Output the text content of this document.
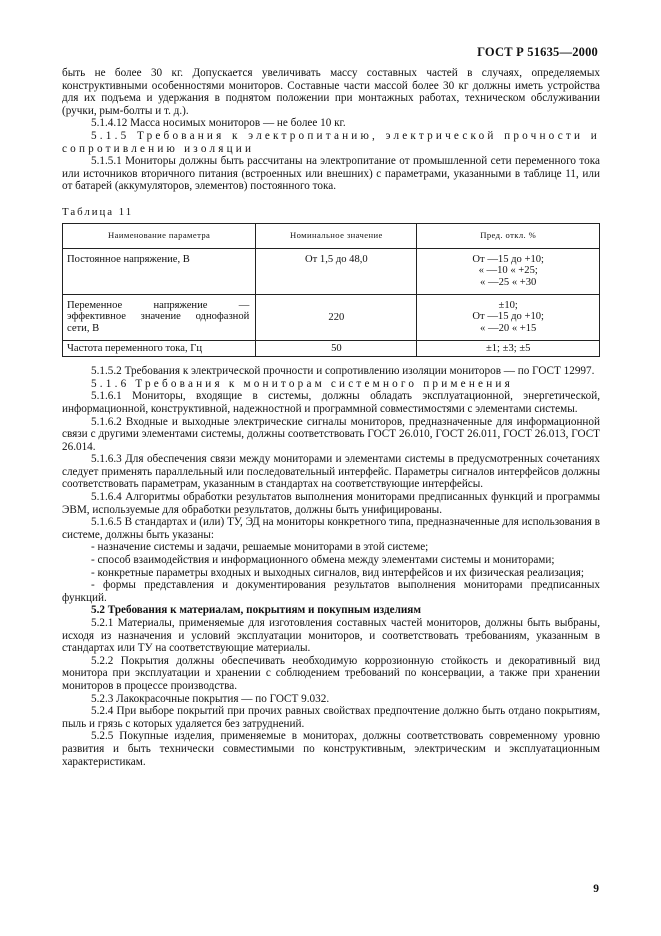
ГОСТ Р 51635—2000

быть не более 30 кг. Допускается увеличивать массу составных частей в случаях, определяемых конструктивными особенностями мониторов. Составные части массой более 30 кг должны иметь устройства для их подъема и удержания в поднятом положении при монтажных работах, техническом обслуживании (ручки, рым-болты и т. д.).

5.1.4.12 Масса носимых мониторов — не более 10 кг.

5.1.5 Требования к электропитанию, электрической прочности и сопротивлению изоляции

5.1.5.1 Мониторы должны быть рассчитаны на электропитание от промышленной сети переменного тока или источников вторичного питания (встроенных или внешних) с параметрами, указанными в таблице 11, или от батарей (аккумуляторов, элементов) постоянного тока.

Таблица 11

Наименование параметра	Номинальное значение	Пред. откл. %
Постоянное напряжение, В	От 1,5 до 48,0	От —15 до +10;
« —10 « +25;
« —25 « +30

Переменное напряжение — эффективное значение однофазной сети, В	220	±10;
От —15 до +10;
« —20 « +15

Частота переменного тока, Гц	50	±1; ±3; ±5

5.1.5.2 Требования к электрической прочности и сопротивлению изоляции мониторов — по ГОСТ 12997.

5.1.6 Требования к мониторам системного применения

5.1.6.1 Мониторы, входящие в системы, должны обладать эксплуатационной, энергетической, информационной, конструктивной, надежностной и программной совместимостями с элементами системы.

5.1.6.2 Входные и выходные электрические сигналы мониторов, предназначенные для информационной связи с другими элементами системы, должны соответствовать ГОСТ 26.010, ГОСТ 26.011, ГОСТ 26.013, ГОСТ 26.014.

5.1.6.3 Для обеспечения связи между мониторами и элементами системы в предусмотренных сочетаниях следует применять параллельный или последовательный интерфейс. Параметры сигналов интерфейсов должны соответствовать параметрам, указанным в стандартах на соответствующие интерфейсы.

5.1.6.4 Алгоритмы обработки результатов выполнения мониторами предписанных функций и программы ЭВМ, используемые для обработки результатов, должны быть унифицированы.

5.1.6.5 В стандартах и (или) ТУ, ЭД на мониторы конкретного типа, предназначенные для использования в системе, должны быть указаны:

- назначение системы и задачи, решаемые мониторами в этой системе;

- способ взаимодействия и информационного обмена между элементами системы и мониторами;

- конкретные параметры входных и выходных сигналов, вид интерфейсов и их физическая реализация;

- формы представления и документирования результатов выполнения мониторами предписанных функций.

5.2 Требования к материалам, покрытиям и покупным изделиям

5.2.1 Материалы, применяемые для изготовления составных частей мониторов, должны быть выбраны, исходя из назначения и условий эксплуатации мониторов, и соответствовать требованиям, указанным в стандартах или ТУ на соответствующие материалы.

5.2.2 Покрытия должны обеспечивать необходимую коррозионную стойкость и декоративный вид монитора при эксплуатации и хранении с соблюдением требований по консервации, а также при хранении мониторов в процессе производства.

5.2.3 Лакокрасочные покрытия — по ГОСТ 9.032.

5.2.4 При выборе покрытий при прочих равных свойствах предпочтение должно быть отдано покрытиям, пыль и грязь с которых удаляется без затруднений.

5.2.5 Покупные изделия, применяемые в мониторах, должны соответствовать современному уровню развития и быть технически совместимыми по конструктивным, электрическим и эксплуатационным характеристикам.

9
